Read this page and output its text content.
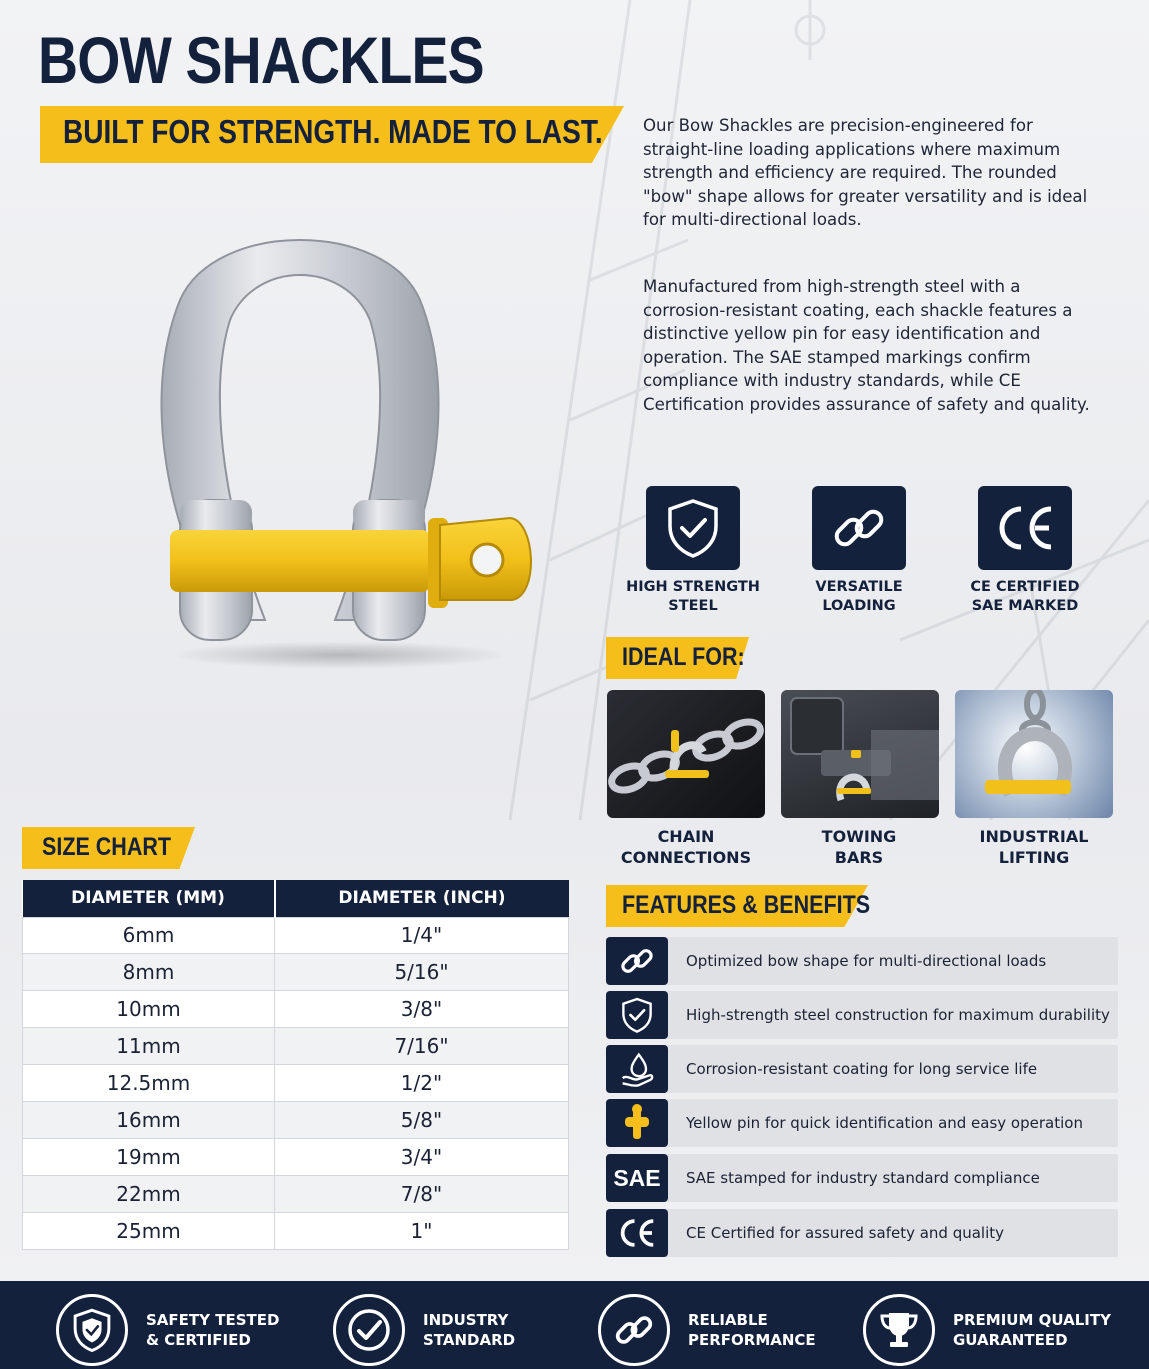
BOW SHACKLES
BUILT FOR STRENGTH. MADE TO LAST. Our Bow Shackles are precision-engineered for straight-line loading applications where maximum strength and efficiency are required. The rounded "bow" shape allows for greater versatility and is ideal for multi-directional loads.

Manufactured from high-strength steel with a corrosion-resistant coating, each shackle features a distinctive yellow pin for easy identification and operation. The SAE stamped markings confirm compliance with industry standards, while CE Certification provides assurance of safety and quality.

HIGH STRENGTH
STEEL
VERSATILE
LOADING
CE CERTIFIED
SAE MARKED
IDEAL FOR:
CHAIN
CONNECTIONS
TOWING
BARS
INDUSTRIAL
LIFTING
SIZE CHART
DIAMETER (MM)	DIAMETER (INCH)
6mm	1/4"
8mm	5/16"
10mm	3/8"
11mm	7/16"
12.5mm	1/2"
16mm	5/8"
19mm	3/4"
22mm	7/8"
25mm	1"
FEATURES & BENEFITS
Optimized bow shape for multi-directional loads
High-strength steel construction for maximum durability
Corrosion-resistant coating for long service life
Yellow pin for quick identification and easy operation
SAE	SAE stamped for industry standard compliance
CE Certified for assured safety and quality
SAFETY TESTED
& CERTIFIED
INDUSTRY
STANDARD
RELIABLE
PERFORMANCE
PREMIUM QUALITY
GUARANTEED
